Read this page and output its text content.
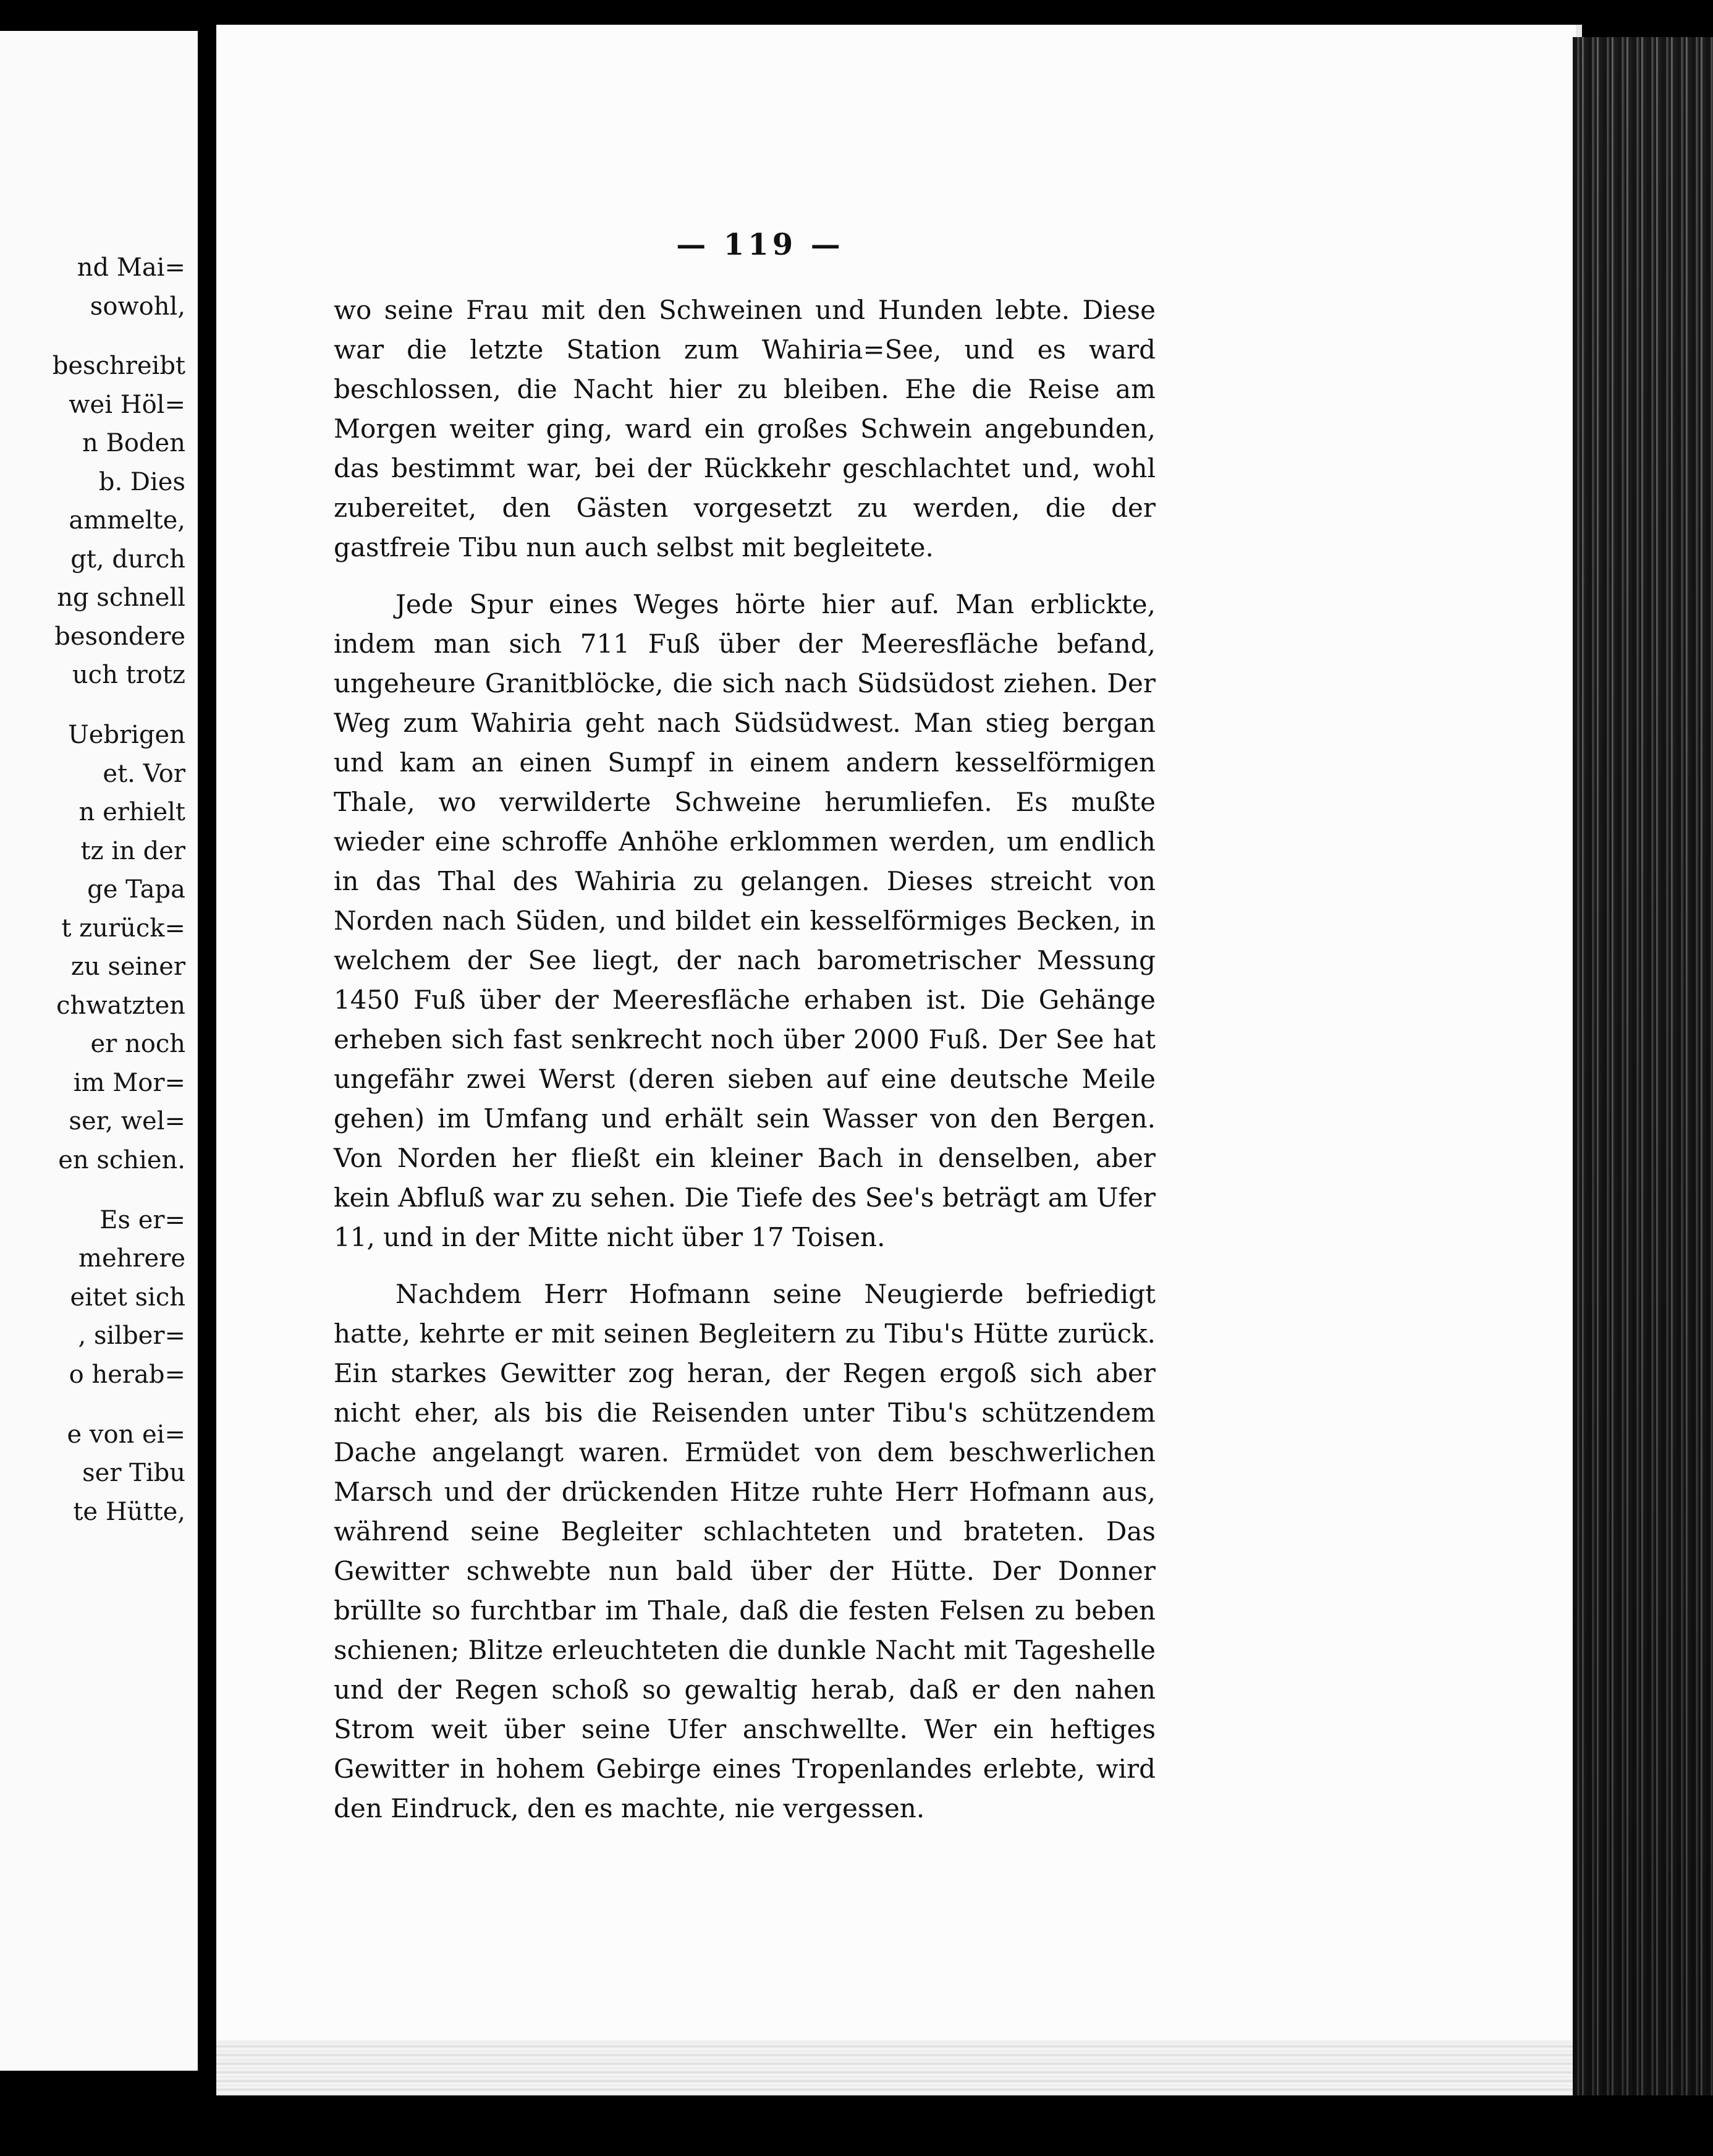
nd Mai=
sowohl,
beschreibt
wei Höl=
n Boden
b. Dies
ammelte,
gt, durch
ng schnell
besondere
uch trotz
Uebrigen
et. Vor
n erhielt
tz in der
ge Tapa
t zurück=
zu seiner
chwatzten
er noch
im Mor=
ser, wel=
en schien.
Es er=
mehrere
eitet sich
, silber=
o herab=
e von ei=
ser Tibu
te Hütte,
— 119 —

wo seine Frau mit den Schweinen und Hunden lebte. Diese war die letzte Station zum Wahiria=See, und es ward beschlossen, die Nacht hier zu bleiben. Ehe die Reise am Morgen weiter ging, ward ein großes Schwein angebunden, das bestimmt war, bei der Rückkehr geschlachtet und, wohl zubereitet, den Gästen vorgesetzt zu werden, die der gastfreie Tibu nun auch selbst mit begleitete.

Jede Spur eines Weges hörte hier auf. Man erblickte, indem man sich 711 Fuß über der Meeresfläche befand, ungeheure Granitblöcke, die sich nach Südsüdost ziehen. Der Weg zum Wahiria geht nach Südsüdwest. Man stieg bergan und kam an einen Sumpf in einem andern kesselförmigen Thale, wo verwilderte Schweine herumliefen. Es mußte wieder eine schroffe Anhöhe erklommen werden, um endlich in das Thal des Wahiria zu gelangen. Dieses streicht von Norden nach Süden, und bildet ein kesselförmiges Becken, in welchem der See liegt, der nach barometrischer Messung 1450 Fuß über der Meeresfläche erhaben ist. Die Gehänge erheben sich fast senkrecht noch über 2000 Fuß. Der See hat ungefähr zwei Werst (deren sieben auf eine deutsche Meile gehen) im Umfang und erhält sein Wasser von den Bergen. Von Norden her fließt ein kleiner Bach in denselben, aber kein Abfluß war zu sehen. Die Tiefe des See's beträgt am Ufer 11, und in der Mitte nicht über 17 Toisen.

Nachdem Herr Hofmann seine Neugierde befriedigt hatte, kehrte er mit seinen Begleitern zu Tibu's Hütte zurück. Ein starkes Gewitter zog heran, der Regen ergoß sich aber nicht eher, als bis die Reisenden unter Tibu's schützendem Dache angelangt waren. Ermüdet von dem beschwerlichen Marsch und der drückenden Hitze ruhte Herr Hofmann aus, während seine Begleiter schlachteten und brateten. Das Gewitter schwebte nun bald über der Hütte. Der Donner brüllte so furchtbar im Thale, daß die festen Felsen zu beben schienen; Blitze erleuchteten die dunkle Nacht mit Tageshelle und der Regen schoß so gewaltig herab, daß er den nahen Strom weit über seine Ufer anschwellte. Wer ein heftiges Gewitter in hohem Gebirge eines Tropenlandes erlebte, wird den Eindruck, den es machte, nie vergessen.
